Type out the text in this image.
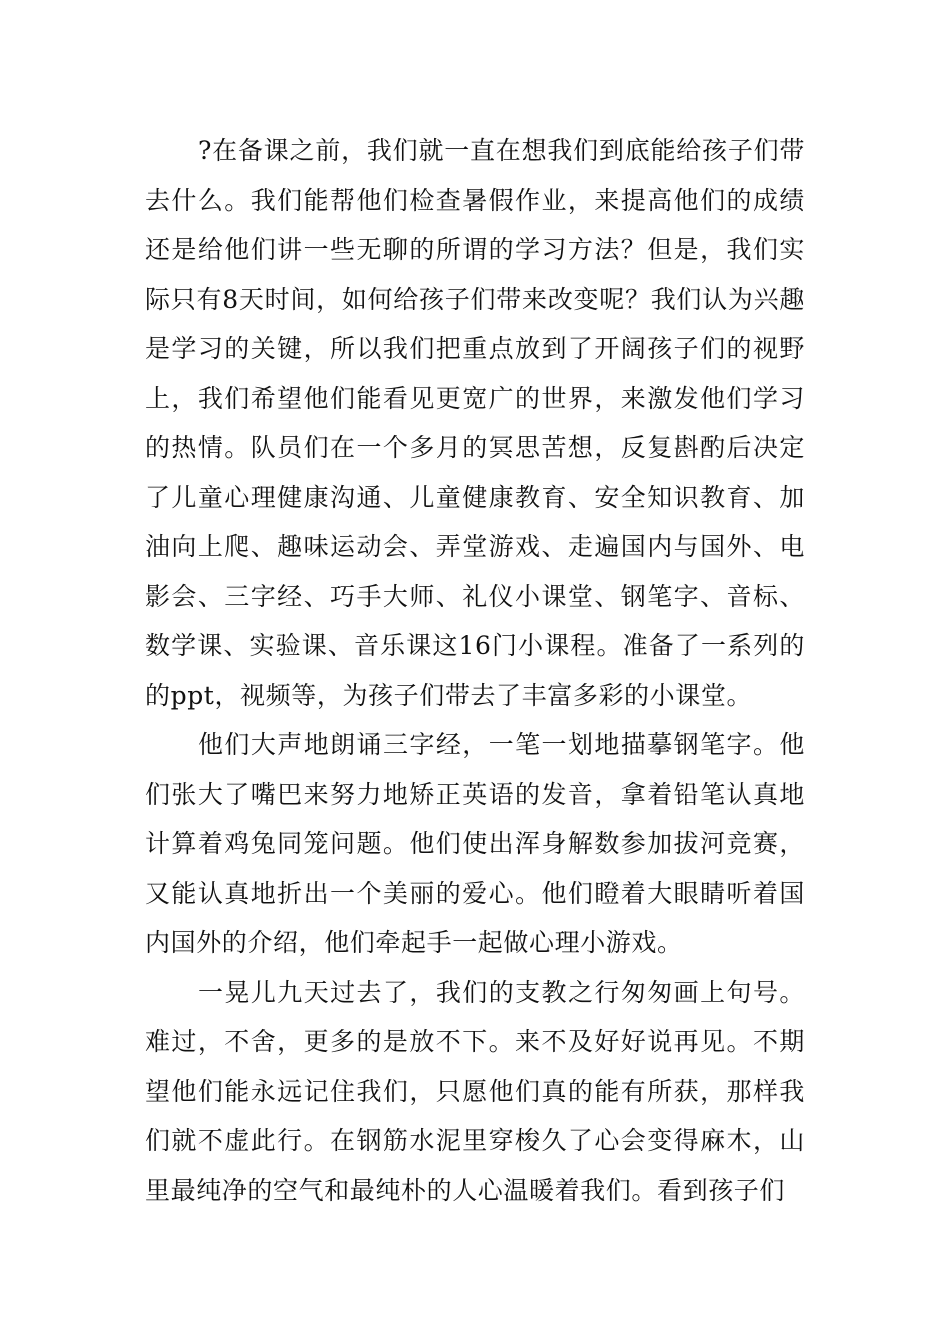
?在备课之前，我们就一直在想我们到底能给孩子们带去什么。我们能帮他们检查暑假作业，来提高他们的成绩还是给他们讲一些无聊的所谓的学习方法？但是，我们实际只有8天时间，如何给孩子们带来改变呢？我们认为兴趣是学习的关键，所以我们把重点放到了开阔孩子们的视野上，我们希望他们能看见更宽广的世界，来激发他们学习的热情。队员们在一个多月的冥思苦想，反复斟酌后决定了儿童心理健康沟通、儿童健康教育、安全知识教育、加油向上爬、趣味运动会、弄堂游戏、走遍国内与国外、电影会、三字经、巧手大师、礼仪小课堂、钢笔字、音标、数学课、实验课、音乐课这16门小课程。准备了一系列的的ppt，视频等，为孩子们带去了丰富多彩的小课堂。

他们大声地朗诵三字经，一笔一划地描摹钢笔字。他们张大了嘴巴来努力地矫正英语的发音，拿着铅笔认真地计算着鸡兔同笼问题。他们使出浑身解数参加拔河竞赛，又能认真地折出一个美丽的爱心。他们瞪着大眼睛听着国内国外的介绍，他们牵起手一起做心理小游戏。

一晃儿九天过去了，我们的支教之行匆匆画上句号。难过，不舍，更多的是放不下。来不及好好说再见。不期望他们能永远记住我们，只愿他们真的能有所获，那样我们就不虚此行。在钢筋水泥里穿梭久了心会变得麻木，山里最纯净的空气和最纯朴的人心温暖着我们。看到孩子们
